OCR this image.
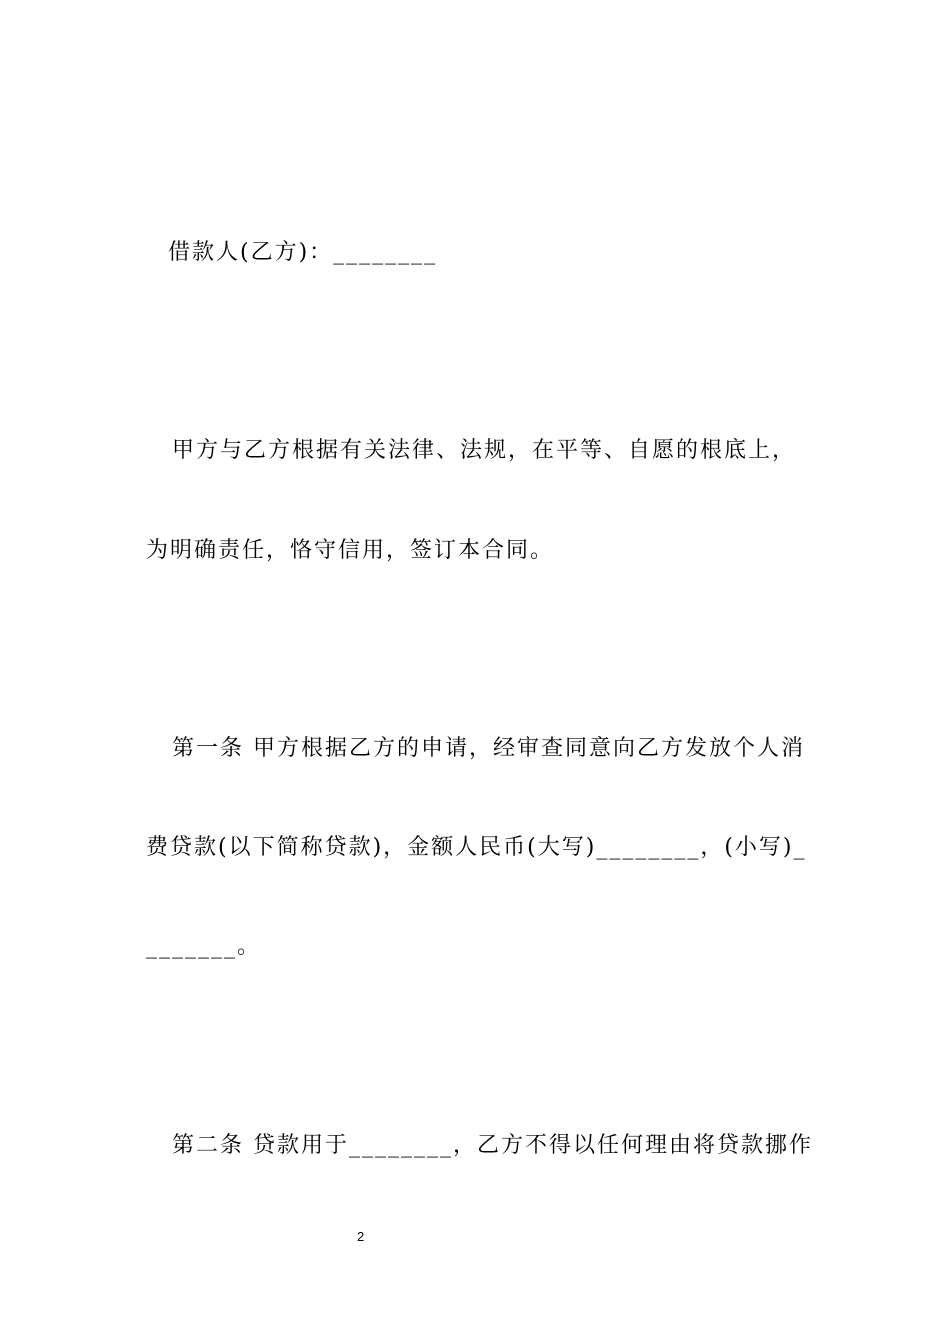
借款人(乙方)：________
甲方与乙方根据有关法律、法规，在平等、自愿的根底上，
为明确责任，恪守信用，签订本合同。
第一条 甲方根据乙方的申请，经审查同意向乙方发放个人消
费贷款(以下简称贷款)，金额人民币(大写)________，(小写)_
_______。
第二条 贷款用于________，乙方不得以任何理由将贷款挪作
2
